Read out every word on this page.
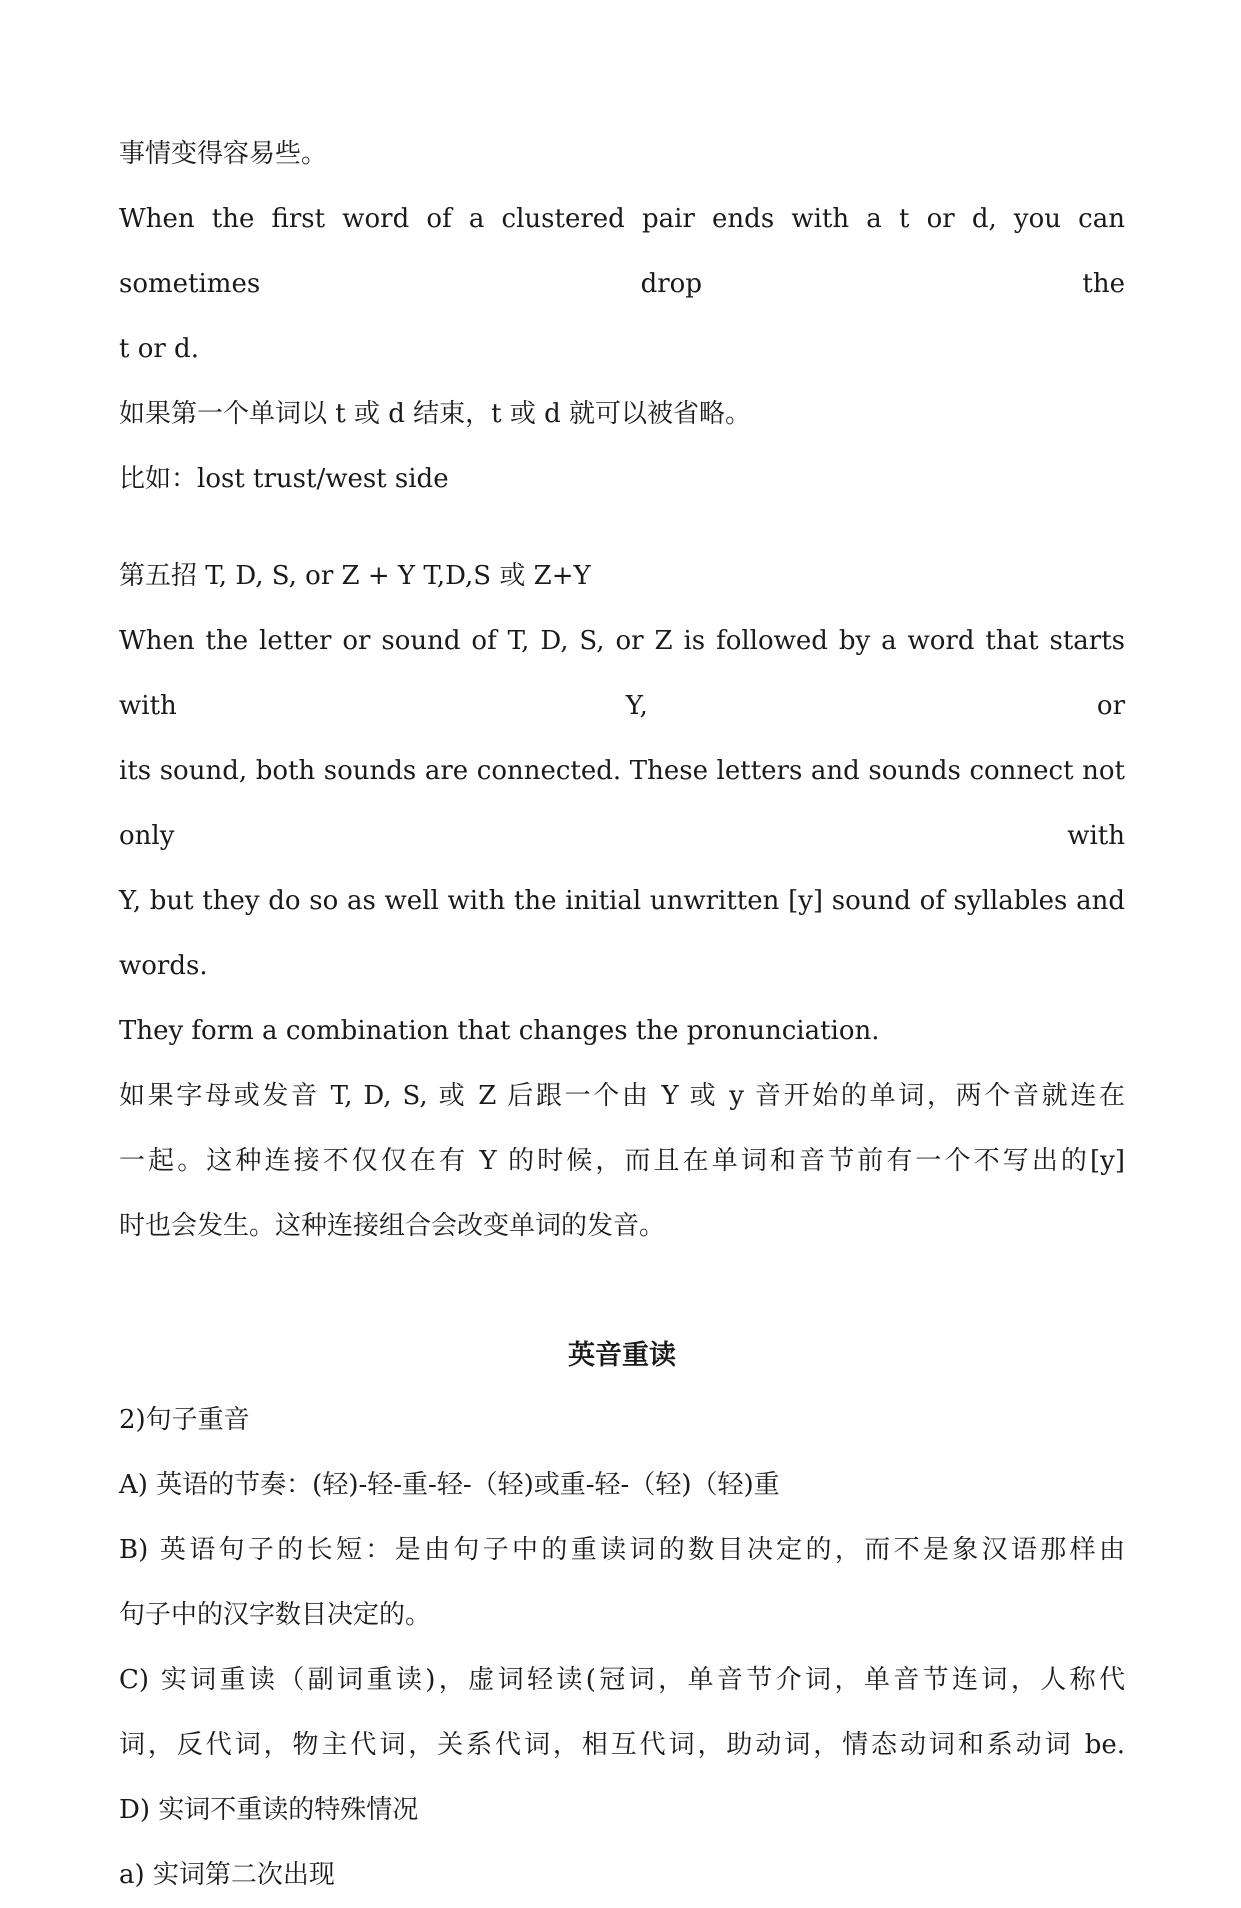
事情变得容易些。
When the first word of a clustered pair ends with a t or d, you can sometimes drop the
t or d.
如果第一个单词以 t 或 d 结束，t 或 d 就可以被省略。
比如：lost trust/west side
第五招 T, D, S, or Z + Y T,D,S 或 Z+Y
When the letter or sound of T, D, S, or Z is followed by a word that starts with Y, or
its sound, both sounds are connected. These letters and sounds connect not only with
Y, but they do so as well with the initial unwritten [y] sound of syllables and words.
They form a combination that changes the pronunciation.
如果字母或发音 T, D, S, 或 Z 后跟一个由 Y 或 y 音开始的单词，两个音就连在
一起。这种连接不仅仅在有 Y 的时候，而且在单词和音节前有一个不写出的[y]
时也会发生。这种连接组合会改变单词的发音。
英音重读
2)句子重音
A) 英语的节奏：(轻)-轻-重-轻-（轻)或重-轻-（轻)（轻)重
B) 英语句子的长短：是由句子中的重读词的数目决定的，而不是象汉语那样由
句子中的汉字数目决定的。
C) 实词重读（副词重读)，虚词轻读(冠词，单音节介词，单音节连词，人称代
词，反代词，物主代词，关系代词，相互代词，助动词，情态动词和系动词 be.
D) 实词不重读的特殊情况
a) 实词第二次出现
